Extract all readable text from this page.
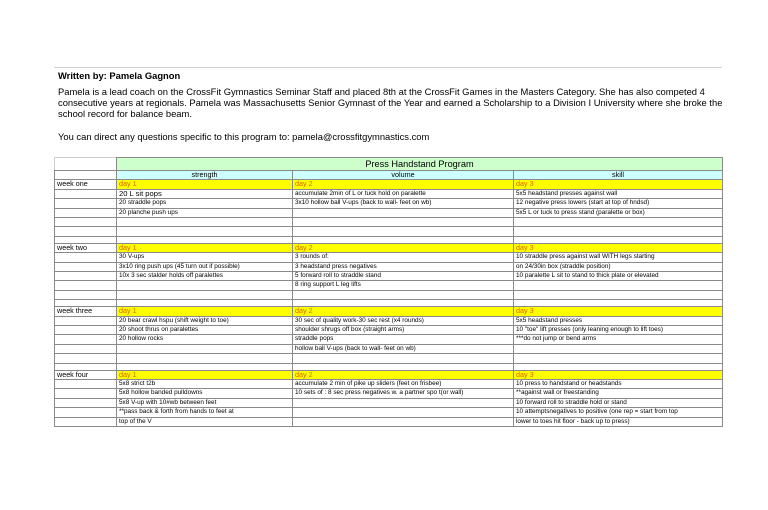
Written by: Pamela Gagnon
Pamela is a lead coach on the CrossFit Gymnastics Seminar Staff and placed 8th at the CrossFit Games in the Masters Category. She has also competed 4
consecutive years at regionals. Pamela was Massachusetts Senior Gymnast of the Year and earned a Scholarship to a Division I University where she broke the
school record for balance beam.
You can direct any questions specific to this program to: pamela@crossfitgymnastics.com
	Press Handstand Program		
	strength	volume	skill
week one	day 1	day 2	day 3
	20 L sit pops	accumulate 2min of L or tuck hold on paralette	5x5 headstand presses against wall
	20 straddle pops	3x10 hollow ball V-ups (back to wall- feet on wb)	12 negative press lowers (start at top of hndsd)
	20 planche push ups		5x5 L or tuck to press stand (paralette or box)

week two	day 1	day 2	day 3
	30 V-ups	3 rounds of:	10 straddle press against wall WITH legs starting
	3x10 ring push ups (45 turn out if possible)	3 headstand press negatives	on 24/30in box (straddle position)
	10x 3 sec stalder holds off paralettes	5 forward roll to straddle stand	10 paralette L sit to stand to thick plate or elevated
		8 ring support L leg lifts	

week three	day 1	day 2	day 3
	20 bear crawl hspu (shift weight to toe)	30 sec of quality work-30 sec rest (x4 rounds)	5x5 headstand presses
	20 shoot thrus on paralettes	shoulder shrugs off box (straight arms)	10 "toe" lift presses (only leaning enough to lift toes)
	20 hollow rocks	straddle pops	***do not jump or bend arms
		hollow ball V-ups (back to wall- feet on wb)	

week four	day 1	day 2	day 3
	5x8 strict t2b	accumulate 2 min of pike up sliders (feet on frisbee)	10 press to handstand or headstands
	5x8 hollow banded pulldowns	10 sets of : 8 sec press negatives w. a partner spo t(or wall)	**against wall or freestanding
	5x8 V-up with 10#wb between feet		10 forward roll to straddle hold or stand
	**pass back & forth from hands to feet at		10 attemptsnegatives to positive (one rep = start from top
	top of the V		lower to toes hit floor - back up to press)
